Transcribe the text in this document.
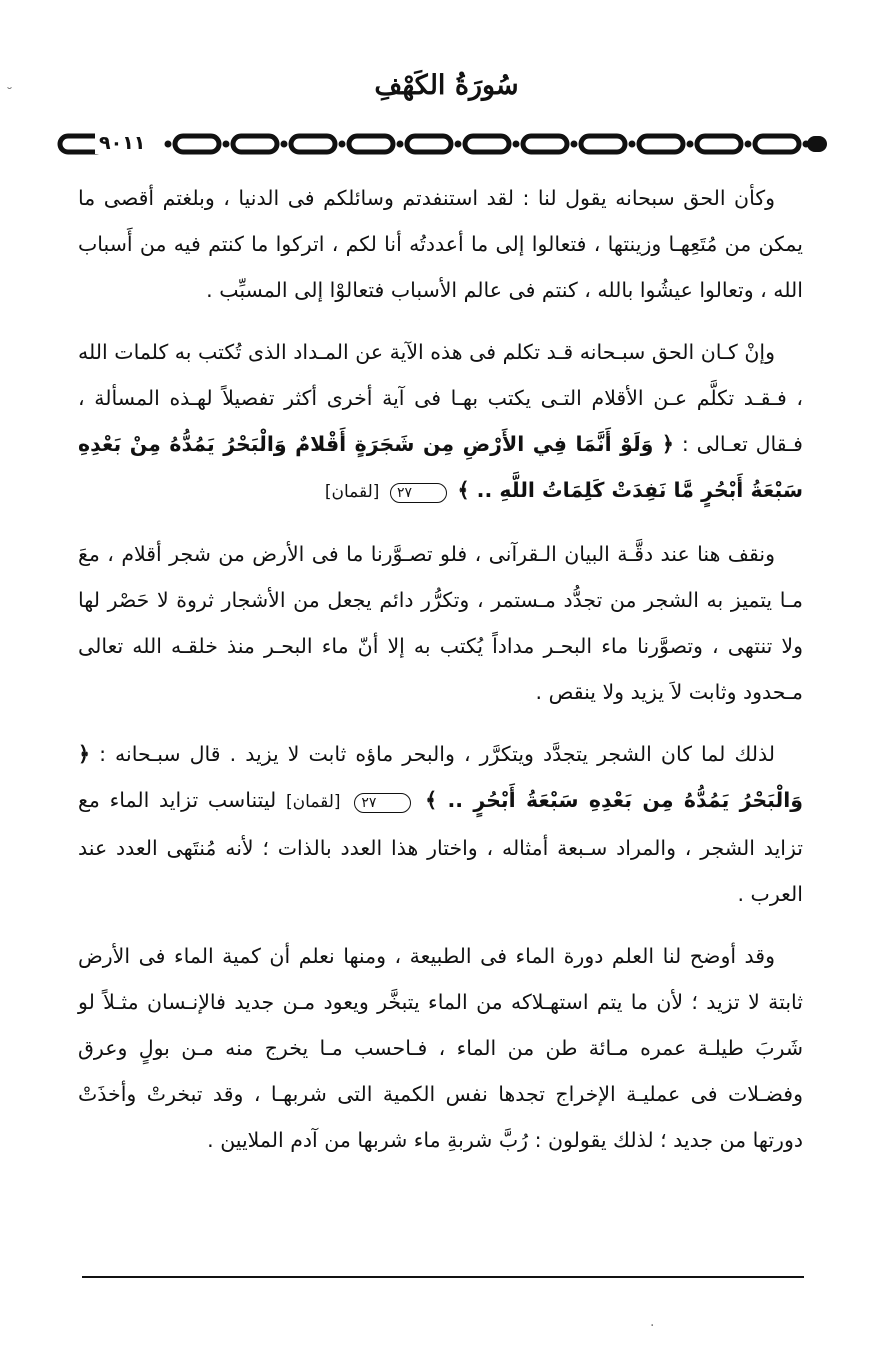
سُورَةُ الكَهْفِ
٩٠١١

وكأن الحق سبحانه يقول لنا : لقد استنفدتم وسائلكم فى الدنيا ، وبلغتم أقصى ما يمكن من مُتَعِهـا وزينتها ، فتعالوا إلى ما أعددتُه أنا لكم ، اتركوا ما كنتم فيه من أَسباب الله ، وتعالوا عيشُوا بالله ، كنتم فى عالم الأسباب فتعالوْا إلى المسبِّب .

وإنْ كـان الحق سبـحانه قـد تكلم فى هذه الآية عن المـداد الذى تُكتب به كلمات الله ، فـقـد تكلَّم عـن الأقلام التـى يكتب بهـا فى آية أخرى أكثر تفصيلاً لهـذه المسألة ، فـقال تعـالى : ﴿ وَلَوْ أَنَّمَا فِي الأَرْضِ مِن شَجَرَةٍ أَقْلامٌ وَالْبَحْرُ يَمُدُّهُ مِنْ بَعْدِهِ سَبْعَةُ أَبْحُرٍ مَّا نَفِدَتْ كَلِمَاتُ اللَّهِ .. ﴾ ٢٧ [لقمان]

ونقف هنا عند دقَّـة البيان الـقرآنى ، فلو تصـوَّرنا ما فى الأرض من شجر أقلام ، معَ مـا يتميز به الشجر من تجدُّد مـستمر ، وتكرُّر دائم يجعل من الأشجار ثروة لا حَصْر لها ولا تنتهى ، وتصوَّرنا ماء البحـر مداداً يُكتب به إلا أنّ ماء البحـر منذ خلقـه الله تعالى مـحدود وثابت لاَ يزيد ولا ينقص .

لذلك لما كان الشجر يتجدَّد ويتكرَّر ، والبحر ماؤه ثابت لا يزيد . قال سبـحانه : ﴿ وَالْبَحْرُ يَمُدُّهُ مِن بَعْدِهِ سَبْعَةُ أَبْحُرٍ .. ﴾ ٢٧ [لقمان] ليتناسب تزايد الماء مع تزايد الشجر ، والمراد سـبعة أمثاله ، واختار هذا العدد بالذات ؛ لأنه مُنتَهى العدد عند العرب .

وقد أوضح لنا العلم دورة الماء فى الطبيعة ، ومنها نعلم أن كمية الماء فى الأرض ثابتة لا تزيد ؛ لأن ما يتم استهـلاكه من الماء يتبخَّر ويعود مـن جديد فالإنـسان مثـلاً لو شَربَ طيلـة عمره مـائة طن من الماء ، فـاحسب مـا يخرج منه مـن بولٍ وعرق وفضـلات فى عمليـة الإخراج تجدها نفس الكمية التى شربهـا ، وقد تبخرتْ وأخذَتْ دورتها من جديد ؛ لذلك يقولون : رُبَّ شربةِ ماء شربها من آدم الملايين .

˘
·
